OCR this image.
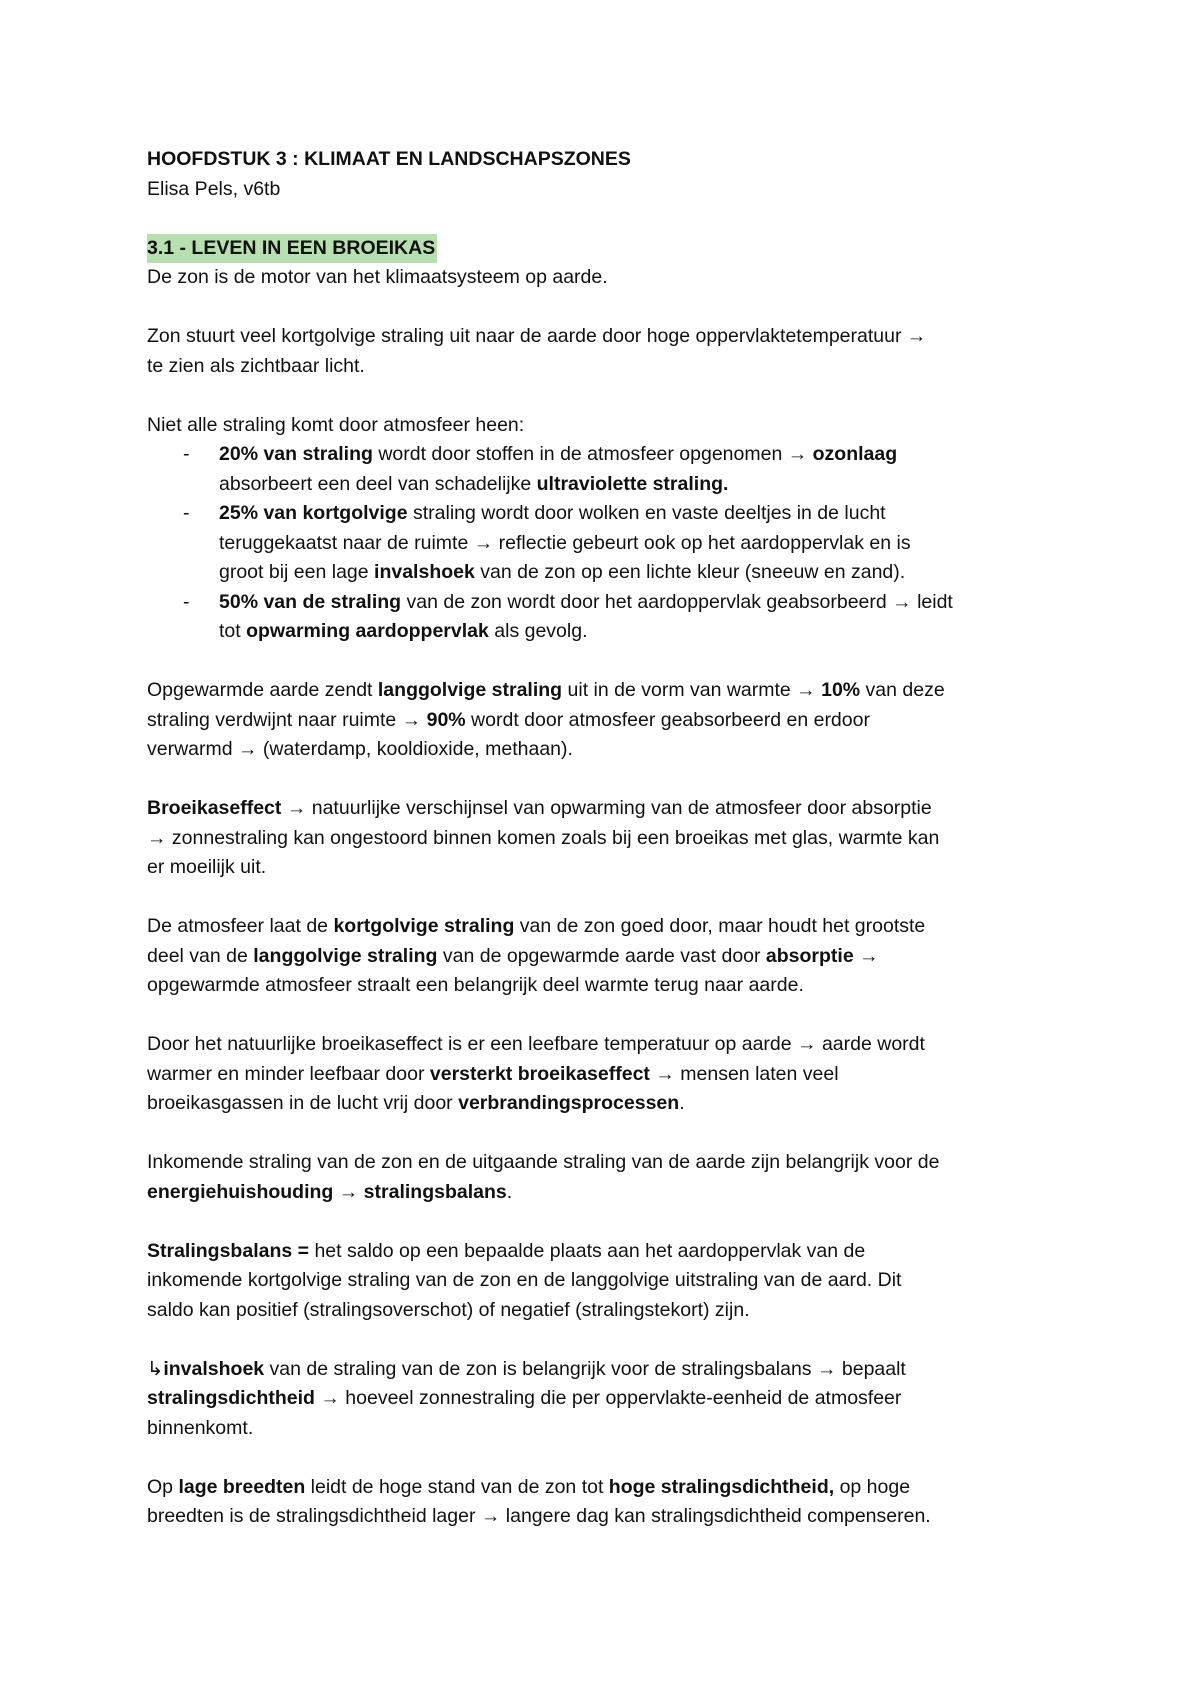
HOOFDSTUK 3 : KLIMAAT EN LANDSCHAPSZONES

Elisa Pels, v6tb

3.1 - LEVEN IN EEN BROEIKAS

De zon is de motor van het klimaatsysteem op aarde.

Zon stuurt veel kortgolvige straling uit naar de aarde door hoge oppervlaktetemperatuur →

te zien als zichtbaar licht.

Niet alle straling komt door atmosfeer heen:

- 20% van straling wordt door stoffen in de atmosfeer opgenomen → ozonlaag
absorbeert een deel van schadelijke ultraviolette straling.
- 25% van kortgolvige straling wordt door wolken en vaste deeltjes in de lucht
teruggekaatst naar de ruimte → reflectie gebeurt ook op het aardoppervlak en is
groot bij een lage invalshoek van de zon op een lichte kleur (sneeuw en zand).
- 50% van de straling van de zon wordt door het aardoppervlak geabsorbeerd → leidt
tot opwarming aardoppervlak als gevolg.
Opgewarmde aarde zendt langgolvige straling uit in de vorm van warmte → 10% van deze
straling verdwijnt naar ruimte → 90% wordt door atmosfeer geabsorbeerd en erdoor
verwarmd → (waterdamp, kooldioxide, methaan).
Broeikaseffect → natuurlijke verschijnsel van opwarming van de atmosfeer door absorptie
→ zonnestraling kan ongestoord binnen komen zoals bij een broeikas met glas, warmte kan
er moeilijk uit.
De atmosfeer laat de kortgolvige straling van de zon goed door, maar houdt het grootste
deel van de langgolvige straling van de opgewarmde aarde vast door absorptie →
opgewarmde atmosfeer straalt een belangrijk deel warmte terug naar aarde.
Door het natuurlijke broeikaseffect is er een leefbare temperatuur op aarde → aarde wordt
warmer en minder leefbaar door versterkt broeikaseffect → mensen laten veel
broeikasgassen in de lucht vrij door verbrandingsprocessen.
Inkomende straling van de zon en de uitgaande straling van de aarde zijn belangrijk voor de
energiehuishouding → stralingsbalans.
Stralingsbalans = het saldo op een bepaalde plaats aan het aardoppervlak van de
inkomende kortgolvige straling van de zon en de langgolvige uitstraling van de aard. Dit
saldo kan positief (stralingsoverschot) of negatief (stralingstekort) zijn.
↳invalshoek van de straling van de zon is belangrijk voor de stralingsbalans → bepaalt
stralingsdichtheid → hoeveel zonnestraling die per oppervlakte-eenheid de atmosfeer
binnenkomt.
Op lage breedten leidt de hoge stand van de zon tot hoge stralingsdichtheid, op hoge
breedten is de stralingsdichtheid lager → langere dag kan stralingsdichtheid compenseren.
